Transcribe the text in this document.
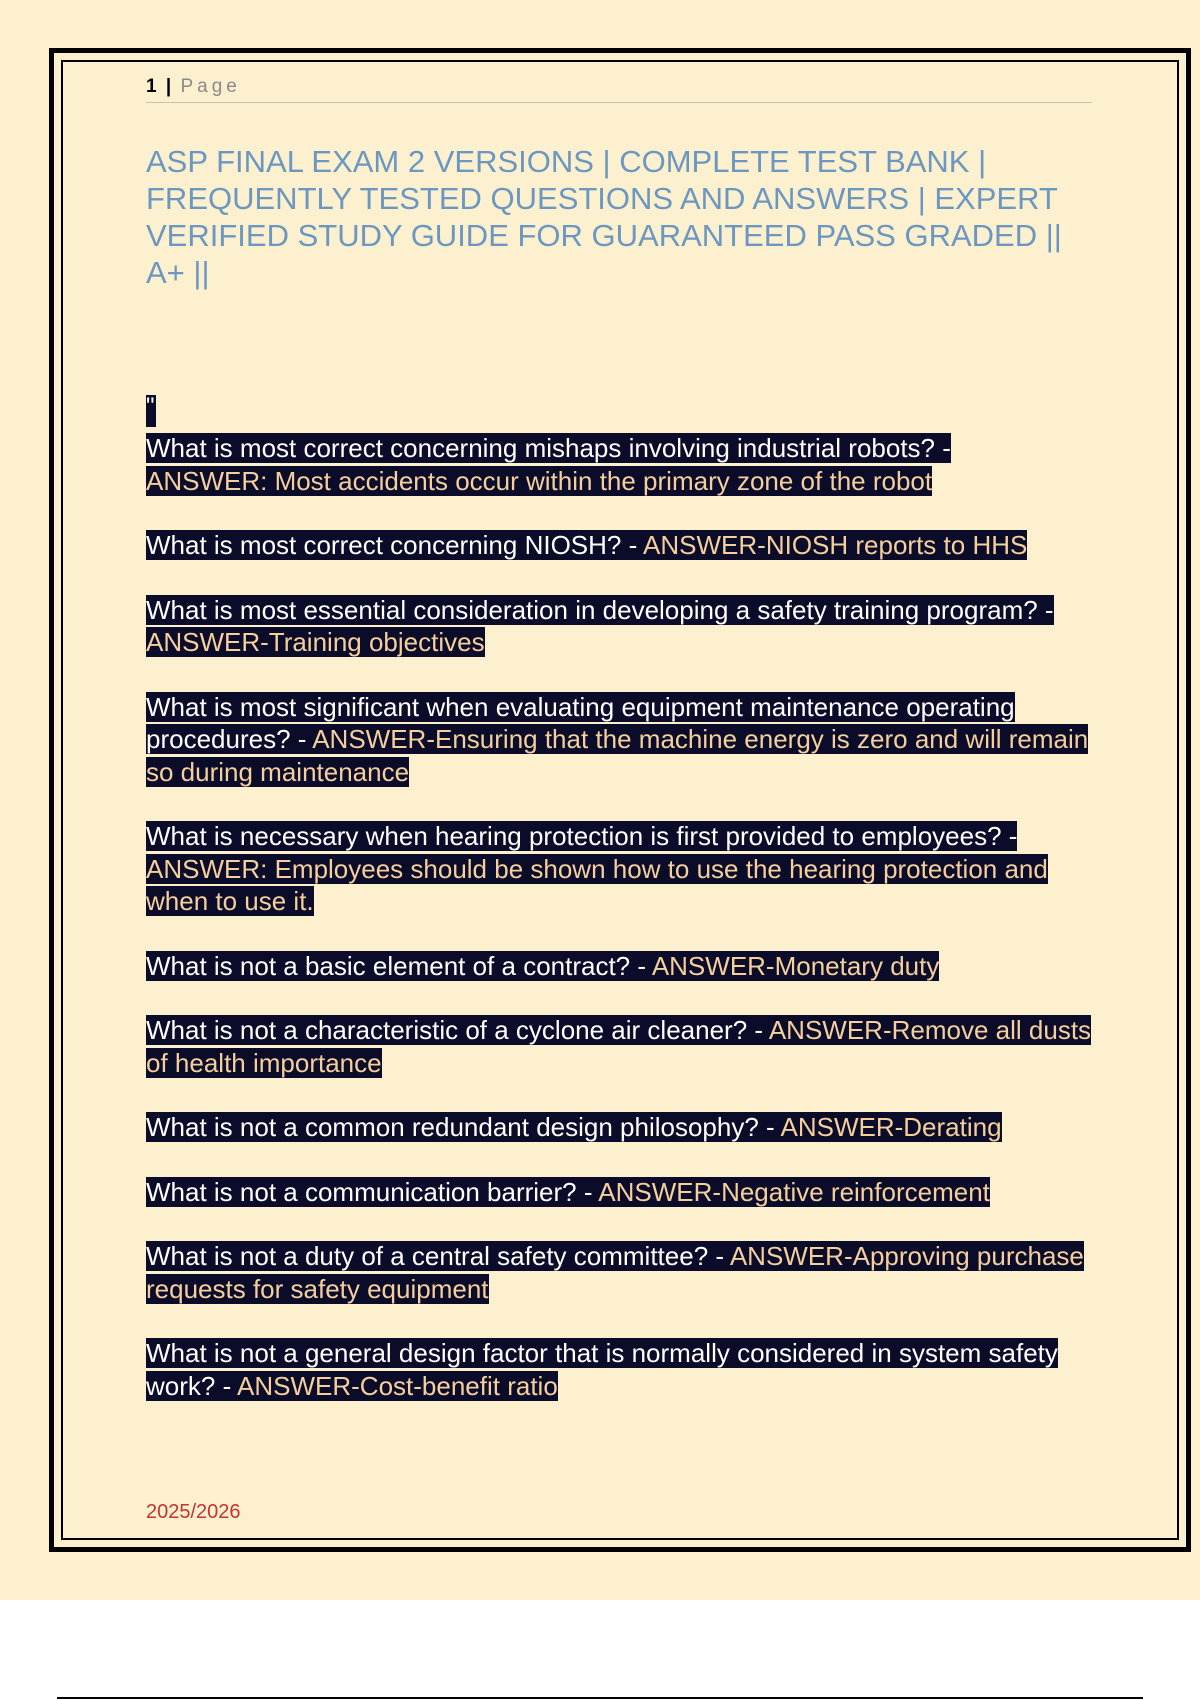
1 | Page
ASP FINAL EXAM 2 VERSIONS | COMPLETE TEST BANK | FREQUENTLY TESTED QUESTIONS AND ANSWERS | EXPERT VERIFIED STUDY GUIDE FOR GUARANTEED PASS GRADED || A+ ||
"

What is most correct concerning mishaps involving industrial robots? -
ANSWER: Most accidents occur within the primary zone of the robot

What is most correct concerning NIOSH? - ANSWER-NIOSH reports to HHS

What is most essential consideration in developing a safety training program? - ANSWER-Training objectives

What is most significant when evaluating equipment maintenance operating procedures? - ANSWER-Ensuring that the machine energy is zero and will remain so during maintenance

What is necessary when hearing protection is first provided to employees? - ANSWER: Employees should be shown how to use the hearing protection and when to use it.

What is not a basic element of a contract? - ANSWER-Monetary duty

What is not a characteristic of a cyclone air cleaner? - ANSWER-Remove all dusts of health importance

What is not a common redundant design philosophy? - ANSWER-Derating

What is not a communication barrier? - ANSWER-Negative reinforcement

What is not a duty of a central safety committee? - ANSWER-Approving purchase requests for safety equipment

What is not a general design factor that is normally considered in system safety work? - ANSWER-Cost-benefit ratio

2025/2026
